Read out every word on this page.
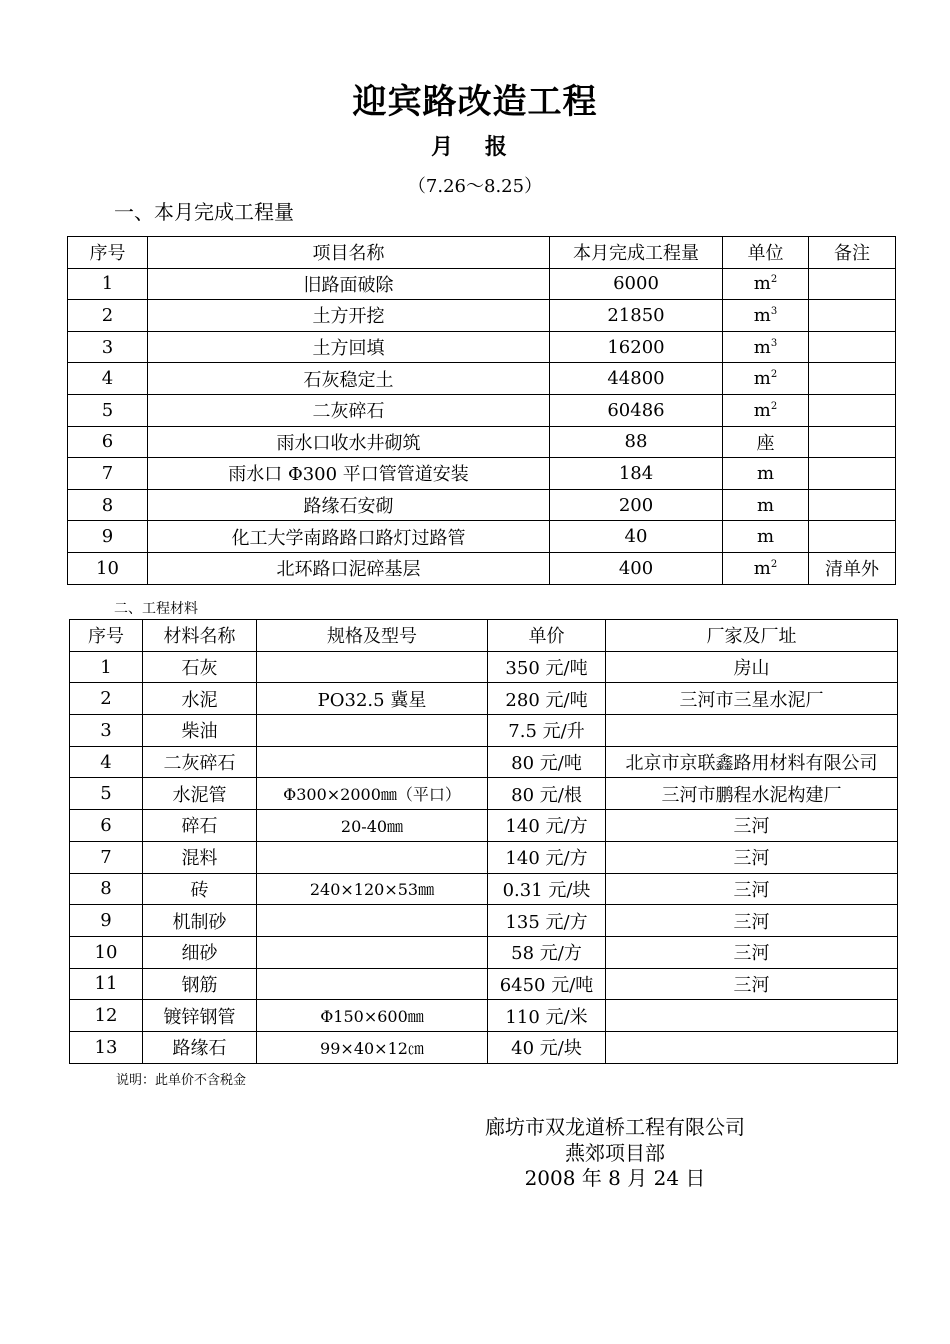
迎宾路改造工程
月 报
（7.26～8.25）
一、本月完成工程量
序号	项目名称	本月完成工程量	单位	备注
1	旧路面破除	6000	$m^2$	
2	土方开挖	21850	$m^3$	
3	土方回填	16200	$m^3$	
4	石灰稳定土	44800	$m^2$	
5	二灰碎石	60486	$m^2$	
6	雨水口收水井砌筑	88	座	
7	雨水口 Φ300 平口管管道安装	184	m	
8	路缘石安砌	200	m	
9	化工大学南路路口路灯过路管	40	m	
10	北环路口泥碎基层	400	$m^2$	清单外
二、工程材料
序号	材料名称	规格及型号	单价	厂家及厂址
1	石灰		350 元/吨	房山
2	水泥	PO32.5 冀星	280 元/吨	三河市三星水泥厂
3	柴油		7.5 元/升	
4	二灰碎石		80 元/吨	北京市京联鑫路用材料有限公司
5	水泥管	Φ300×2000㎜（平口）	80 元/根	三河市鹏程水泥构建厂
6	碎石	20-40㎜	140 元/方	三河
7	混料		140 元/方	三河
8	砖	240×120×53㎜	0.31 元/块	三河
9	机制砂		135 元/方	三河
10	细砂		58 元/方	三河
11	钢筋		6450 元/吨	三河
12	镀锌钢管	Φ150×600㎜	110 元/米	
13	路缘石	99×40×12㎝	40 元/块	
说明：此单价不含税金
廊坊市双龙道桥工程有限公司
燕郊项目部
2008 年 8 月 24 日
